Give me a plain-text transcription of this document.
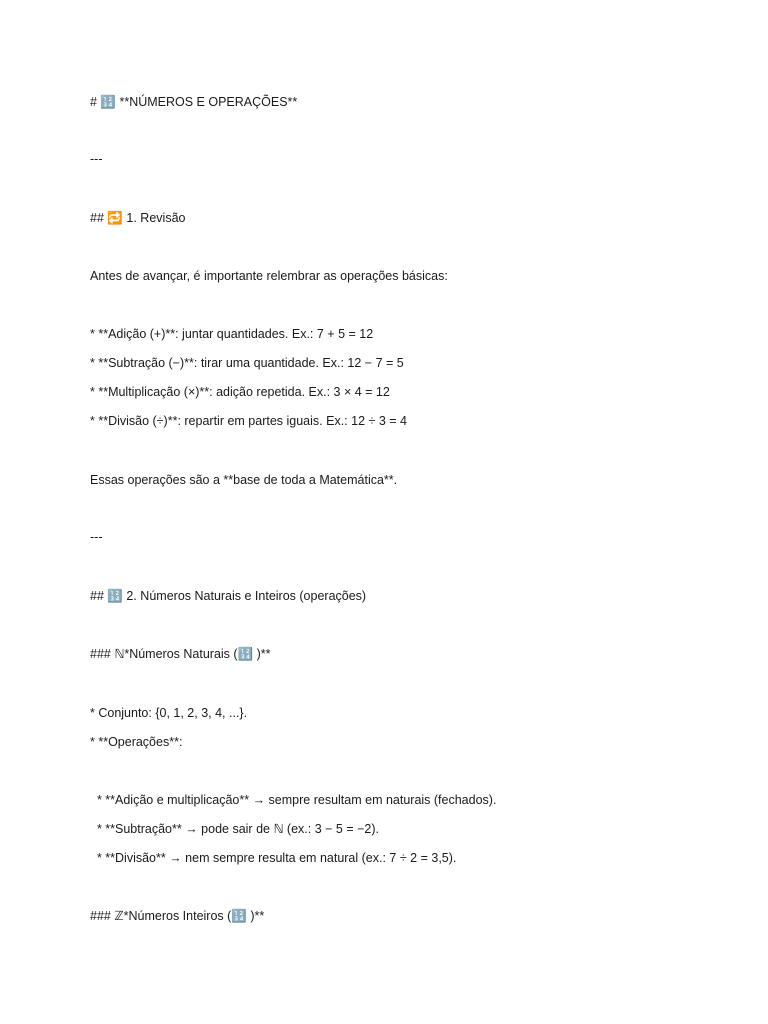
# 🔢 **NÚMEROS E OPERAÇÕES**
---
## 🔁 1. Revisão
Antes de avançar, é importante relembrar as operações básicas:
* **Adição (+)**: juntar quantidades. Ex.: 7 + 5 = 12
* **Subtração (−)**: tirar uma quantidade. Ex.: 12 − 7 = 5
* **Multiplicação (×)**: adição repetida. Ex.: 3 × 4 = 12
* **Divisão (÷)**: repartir em partes iguais. Ex.: 12 ÷ 3 = 4
Essas operações são a **base de toda a Matemática**.
---
## 🔢 2. Números Naturais e Inteiros (operações)
### ℕ*Números Naturais (🔢 )**
* Conjunto: {0, 1, 2, 3, 4, ...}.
* **Operações**:
* **Adição e multiplicação** → sempre resultam em naturais (fechados).
* **Subtração** → pode sair de ℕ (ex.: 3 − 5 = −2).
* **Divisão** → nem sempre resulta em natural (ex.: 7 ÷ 2 = 3,5).
### ℤ*Números Inteiros (🔢 )**
